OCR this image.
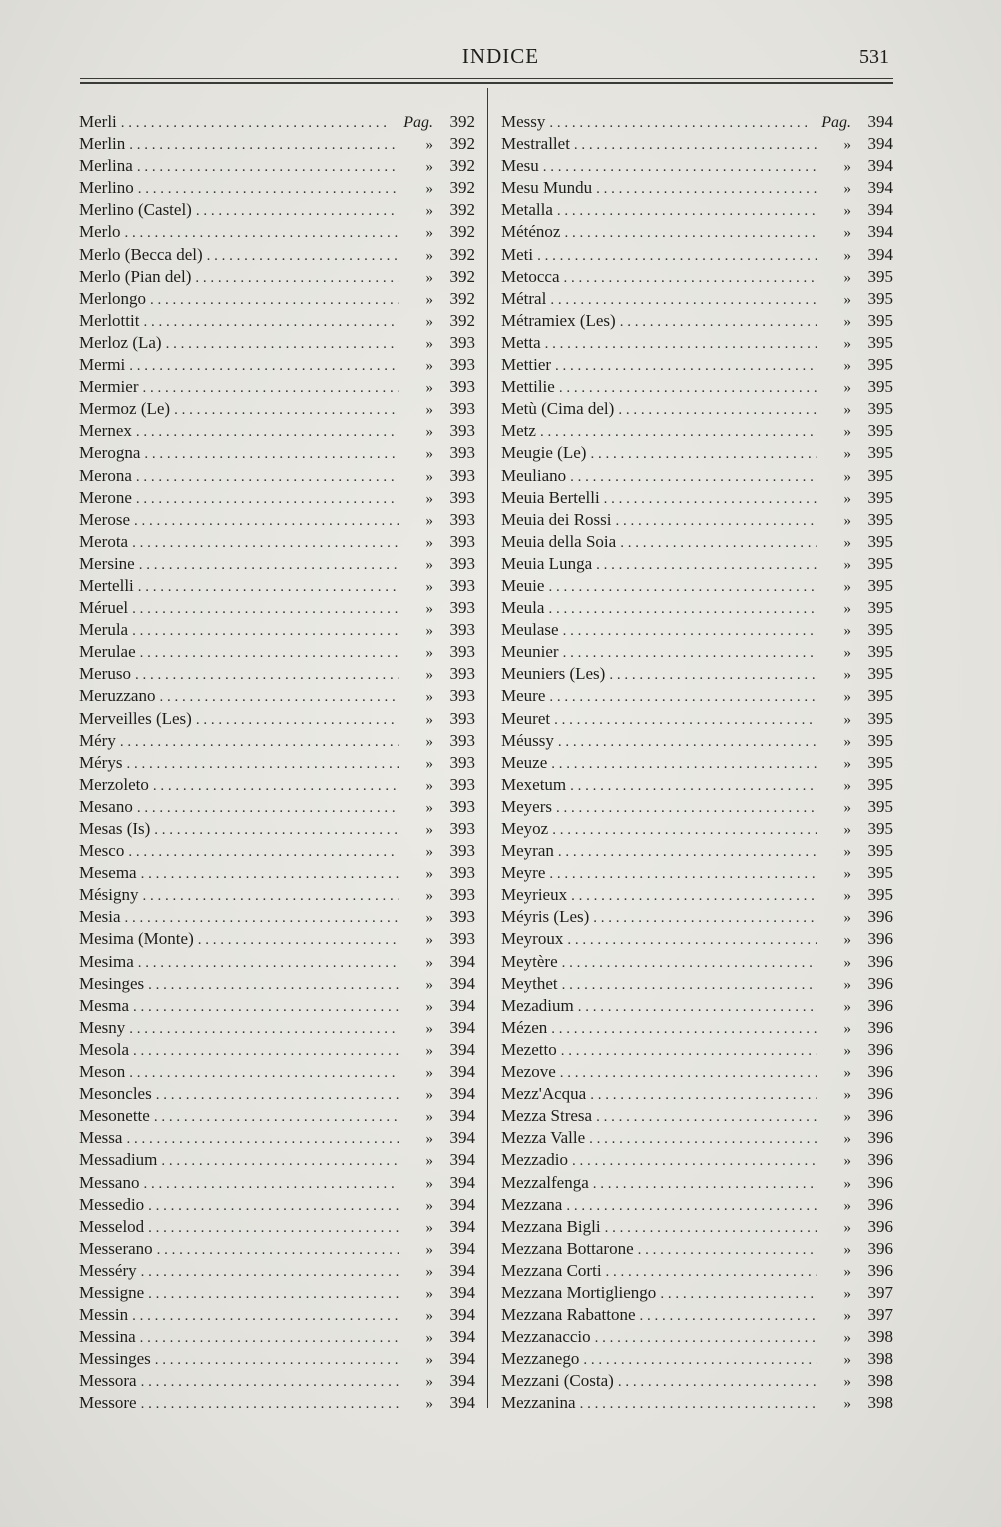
INDICE	531
Merli . . .	Pag. 392
Merlin . . .	» 392
Merlina . . .	» 392
Merlino . . .	» 392
Merlino (Castel) . . .	» 392
Merlo . . .	» 392
Merlo (Becca del) . . .	» 392
Merlo (Pian del) . . .	» 392
Merlongo . . .	» 392
Merlottit . . .	» 392
Merloz (La) . . .	» 393
Mermi . . .	» 393
Mermier . . .	» 393
Mermoz (Le) . . .	» 393
Mernex . . .	» 393
Merogna . . .	» 393
Merona . . .	» 393
Merone . . .	» 393
Merose . . .	» 393
Merota . . .	» 393
Mersine . . .	» 393
Mertelli . . .	» 393
Méruel . . .	» 393
Merula . . .	» 393
Merulae . . .	» 393
Meruso . . .	» 393
Meruzzano . . .	» 393
Merveilles (Les) . . .	» 393
Méry . . .	» 393
Mérys . . .	» 393
Merzoleto . . .	» 393
Mesano . . .	» 393
Mesas (Is) . . .	» 393
Mesco . . .	» 393
Mesema . . .	» 393
Mésigny . . .	» 393
Mesia . . .	» 393
Mesima (Monte) . . .	» 393
Mesima . . .	» 394
Mesinges . . .	» 394
Mesma . . .	» 394
Mesny . . .	» 394
Mesola . . .	» 394
Meson . . .	» 394
Mesoncles . . .	» 394
Mesonette . . .	» 394
Messa . . .	» 394
Messadium . . .	» 394
Messano . . .	» 394
Messedio . . .	» 394
Messelod . . .	» 394
Messerano . . .	» 394
Messéry . . .	» 394
Messigne . . .	» 394
Messin . . .	» 394
Messina . . .	» 394
Messinges . . .	» 394
Messora . . .	» 394
Messore . . .	» 394
Messy . . .	Pag. 394
Mestrallet . . .	» 394
Mesu . . .	» 394
Mesu Mundu . . .	» 394
Metalla . . .	» 394
Méténoz . . .	» 394
Meti . . .	» 394
Metocca . . .	» 395
Métral . . .	» 395
Métramiex (Les) . . .	» 395
Metta . . .	» 395
Mettier . . .	» 395
Mettilie . . .	» 395
Metù (Cima del) . . .	» 395
Metz . . .	» 395
Meugie (Le) . . .	» 395
Meuliano . . .	» 395
Meuia Bertelli . . .	» 395
Meuia dei Rossi . . .	» 395
Meuia della Soia . . .	» 395
Meuia Lunga . . .	» 395
Meuie . . .	» 395
Meula . . .	» 395
Meulase . . .	» 395
Meunier . . .	» 395
Meuniers (Les) . . .	» 395
Meure . . .	» 395
Meuret . . .	» 395
Méussy . . .	» 395
Meuze . . .	» 395
Mexetum . . .	» 395
Meyers . . .	» 395
Meyoz . . .	» 395
Meyran . . .	» 395
Meyre . . .	» 395
Meyrieux . . .	» 395
Méyris (Les) . . .	» 396
Meyroux . . .	» 396
Meytère . . .	» 396
Meythet . . .	» 396
Mezadium . . .	» 396
Mézen . . .	» 396
Mezetto . . .	» 396
Mezove . . .	» 396
Mezz'Acqua . . .	» 396
Mezza Stresa . . .	» 396
Mezza Valle . . .	» 396
Mezzadio . . .	» 396
Mezzalfenga . . .	» 396
Mezzana . . .	» 396
Mezzana Bigli . . .	» 396
Mezzana Bottarone . . .	» 396
Mezzana Corti . . .	» 396
Mezzana Mortigliengo . . .	» 397
Mezzana Rabattone . . .	» 397
Mezzanaccio . . .	» 398
Mezzanego . . .	» 398
Mezzani (Costa) . . .	» 398
Mezzanina . . .	» 398
